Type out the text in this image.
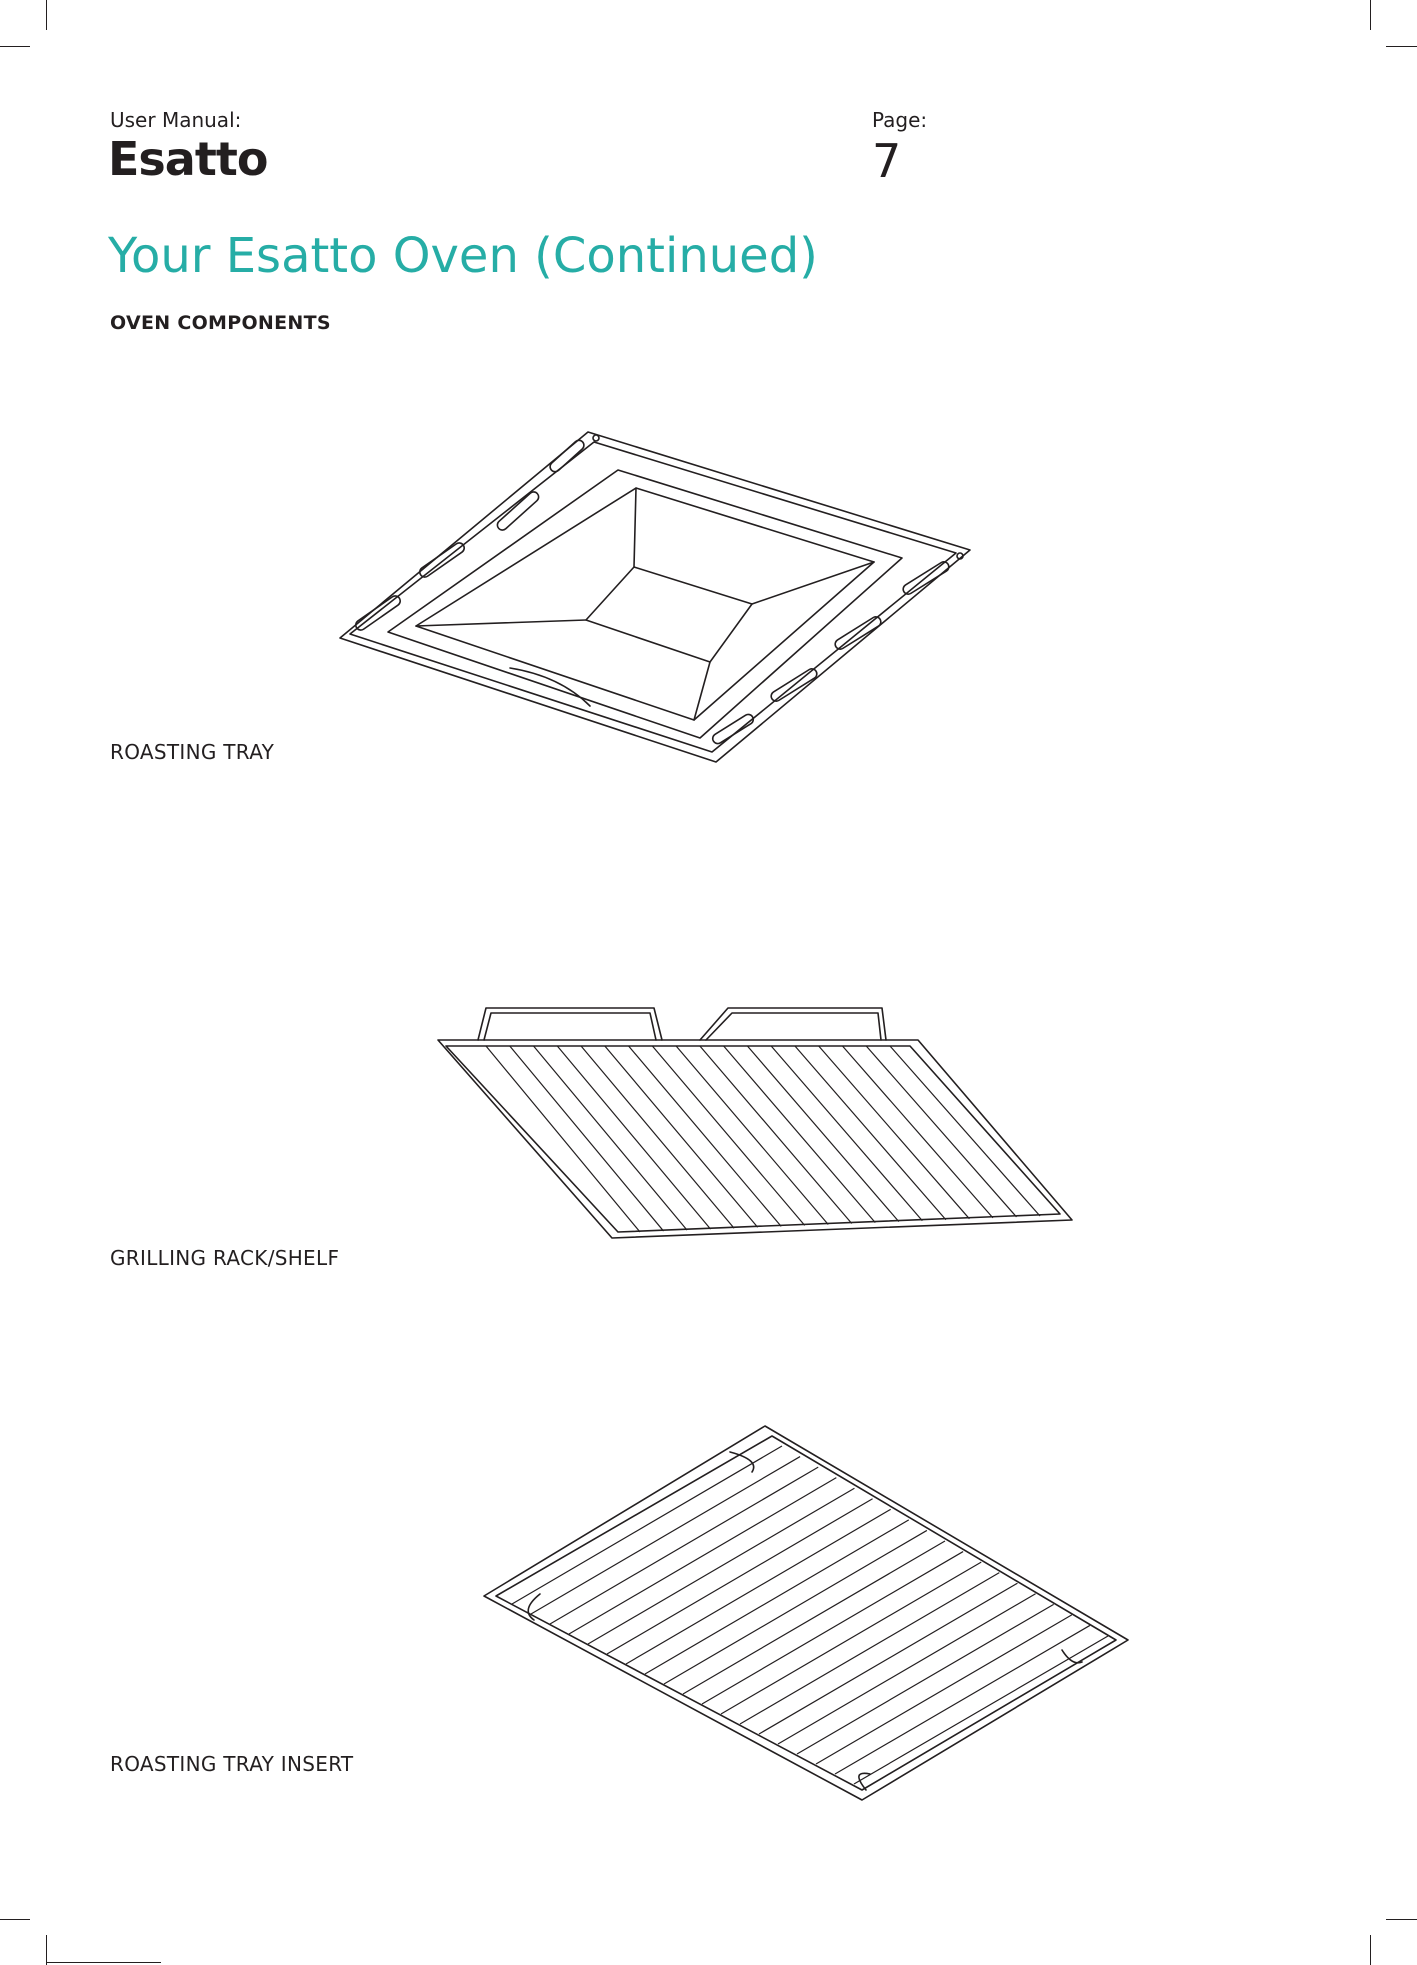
User Manual:
Esatto
Page:
7
Your Esatto Oven (Continued)
OVEN COMPONENTS
ROASTING TRAY
GRILLING RACK/SHELF
ROASTING TRAY INSERT
